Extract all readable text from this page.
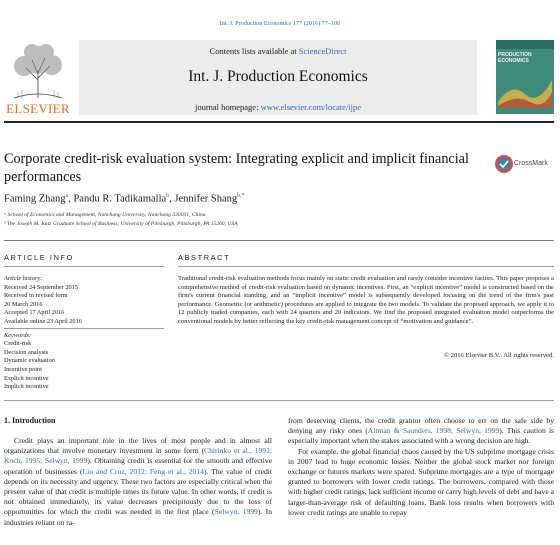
Int. J. Production Economics 177 (2016) 77–100
ELSEVIER
Contents lists available at ScienceDirect
Int. J. Production Economics
journal homepage: www.elsevier.com/locate/ijpe
PRODUCTION ECONOMICS
Corporate credit-risk evaluation system: Integrating explicit and implicit financial performances
CrossMark
Faming Zhang$^a$, Pandu R. Tadikamalla$^b$, Jennifer Shang$^{b,*}$
ᵃ School of Economics and Management, Nanchang University, Nanchang 330031, China
ᵇ The Joseph M. Katz Graduate School of Business, University of Pittsburgh, Pittsburgh, PA 15260, USA
ARTICLE INFO	ABSTRACT
Article history:
Received 24 September 2015
Received in revised form
20 March 2016
Accepted 17 April 2016
Available online 23 April 2016
Keywords:
Credit-risk
Decision analysis
Dynamic evaluation
Incentive point
Explicit incentive
Implicit incentive
Traditional credit-risk evaluation methods focus mainly on static credit evaluation and rarely consider incentive factors. This paper proposes a comprehensive method of credit-risk evaluation based on dynamic incentives. First, an “explicit incentive” model is constructed based on the firm's current financial standing, and an “implicit incentive” model is subsequently developed focusing on the trend of the firm's past performance. Geometric (or arithmetic) procedures are applied to integrate the two models. To validate the proposed approach, we apply it to 12 publicly traded companies, each with 24 quarters and 20 indicators. We find the proposed integrated evaluation model outperforms the conventional models by better reflecting the key credit-risk management concept of “motivation and guidance”.
© 2016 Elsevier B.V.. All rights reserved.
1. Introduction
Credit plays an important role in the lives of most people and in almost all organizations that involve monetary investment in some form (Chirinko et al., 1991; Koch, 1995; Selwyn, 1999). Obtaining credit is essential for the smooth and effective operation of businesses (Liu and Cruz, 2012; Feng et al., 2014). The value of credit depends on its necessity and urgency. These two factors are especially critical when the present value of that credit is multiple times its future value. In other words, if credit is not obtained immediately, its value decreases precipitously due to the loss of opportunities for which the credit was needed in the first place (Selwyn, 1999). In industries reliant on ra-
from deserving clients, the credit grantor often choose to err on the safe side by denying any risky ones (Altman & Saunders, 1998; Selwyn, 1999). This caution is especially important when the stakes associated with a wrong decision are high.
For example, the global financial chaos caused by the US subprime mortgage crisis in 2007 lead to huge economic losses. Neither the global stock market nor foreign exchange or futures markets were spared. Subprime mortgages are a type of mortgage granted to borrowers with lower credit ratings. The borrowers, compared with those with higher credit ratings, lack sufficient income or carry high levels of debt and have a larger-than-average risk of defaulting loans. Bank loss results when borrowers with lower credit ratings are unable to repay
